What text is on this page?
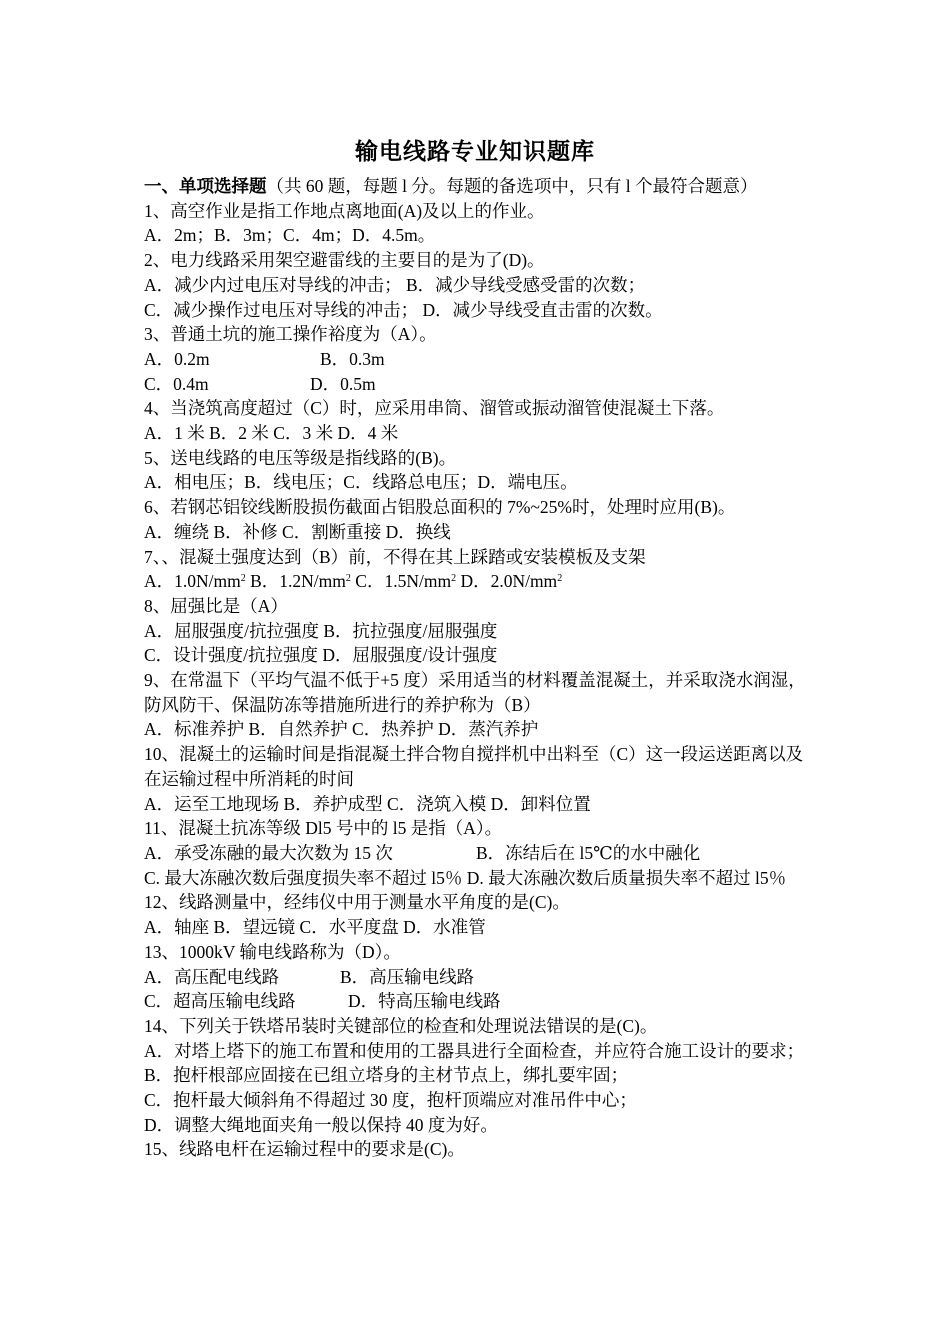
输电线路专业知识题库
一、单项选择题（共 60 题，每题 l 分。每题的备选项中，只有 l 个最符合题意）
1、高空作业是指工作地点离地面(A)及以上的作业。
A．2m；B．3m；C．4m；D．4.5m。
2、电力线路采用架空避雷线的主要目的是为了(D)。
A．减少内过电压对导线的冲击； B．减少导线受感受雷的次数；
C．减少操作过电压对导线的冲击； D．减少导线受直击雷的次数。
3、普通土坑的施工操作裕度为（A）。
A．0.2m	B．0.3m
C．0.4m	D．0.5m
4、当浇筑高度超过（C）时，应采用串筒、溜管或振动溜管使混凝土下落。
A．1 米 B．2 米 C．3 米 D．4 米
5、送电线路的电压等级是指线路的(B)。
A．相电压；B．线电压；C．线路总电压；D．端电压。
6、若钢芯铝铰线断股损伤截面占铝股总面积的 7%~25%时，处理时应用(B)。
A．缠绕 B．补修 C．割断重接 D．换线
7、、混凝土强度达到（B）前，不得在其上踩踏或安装模板及支架
A．$1.0N/mm^2$ B．$1.2N/mm^2$ C．$1.5N/mm^2$ D．$2.0N/mm^2$
8、屈强比是（A）
A．屈服强度/抗拉强度 B．抗拉强度/屈服强度
C．设计强度/抗拉强度 D．屈服强度/设计强度
9、在常温下（平均气温不低于+5 度）采用适当的材料覆盖混凝土，并采取浇水润湿，防风防干、保温防冻等措施所进行的养护称为（B）
A．标准养护 B．自然养护 C．热养护 D．蒸汽养护
10、混凝土的运输时间是指混凝土拌合物自搅拌机中出料至（C）这一段运送距离以及在运输过程中所消耗的时间
A．运至工地现场 B．养护成型 C．浇筑入模 D．卸料位置
11、混凝土抗冻等级 Dl5 号中的 l5 是指（A）。
A．承受冻融的最大次数为 15 次	B．冻结后在 l5℃的水中融化
C. 最大冻融次数后强度损失率不超过 l5％ D. 最大冻融次数后质量损失率不超过 l5％
12、线路测量中，经纬仪中用于测量水平角度的是(C)。
A．轴座 B．望远镜 C．水平度盘 D．水准管
13、1000kV 输电线路称为（D）。
A．高压配电线路	B．高压输电线路
C．超高压输电线路	D．特高压输电线路
14、下列关于铁塔吊装时关键部位的检查和处理说法错误的是(C)。
A．对塔上塔下的施工布置和使用的工器具进行全面检查，并应符合施工设计的要求；
B．抱杆根部应固接在已组立塔身的主材节点上，绑扎要牢固；
C．抱杆最大倾斜角不得超过 30 度，抱杆顶端应对准吊件中心；
D．调整大绳地面夹角一般以保持 40 度为好。
15、线路电杆在运输过程中的要求是(C)。
